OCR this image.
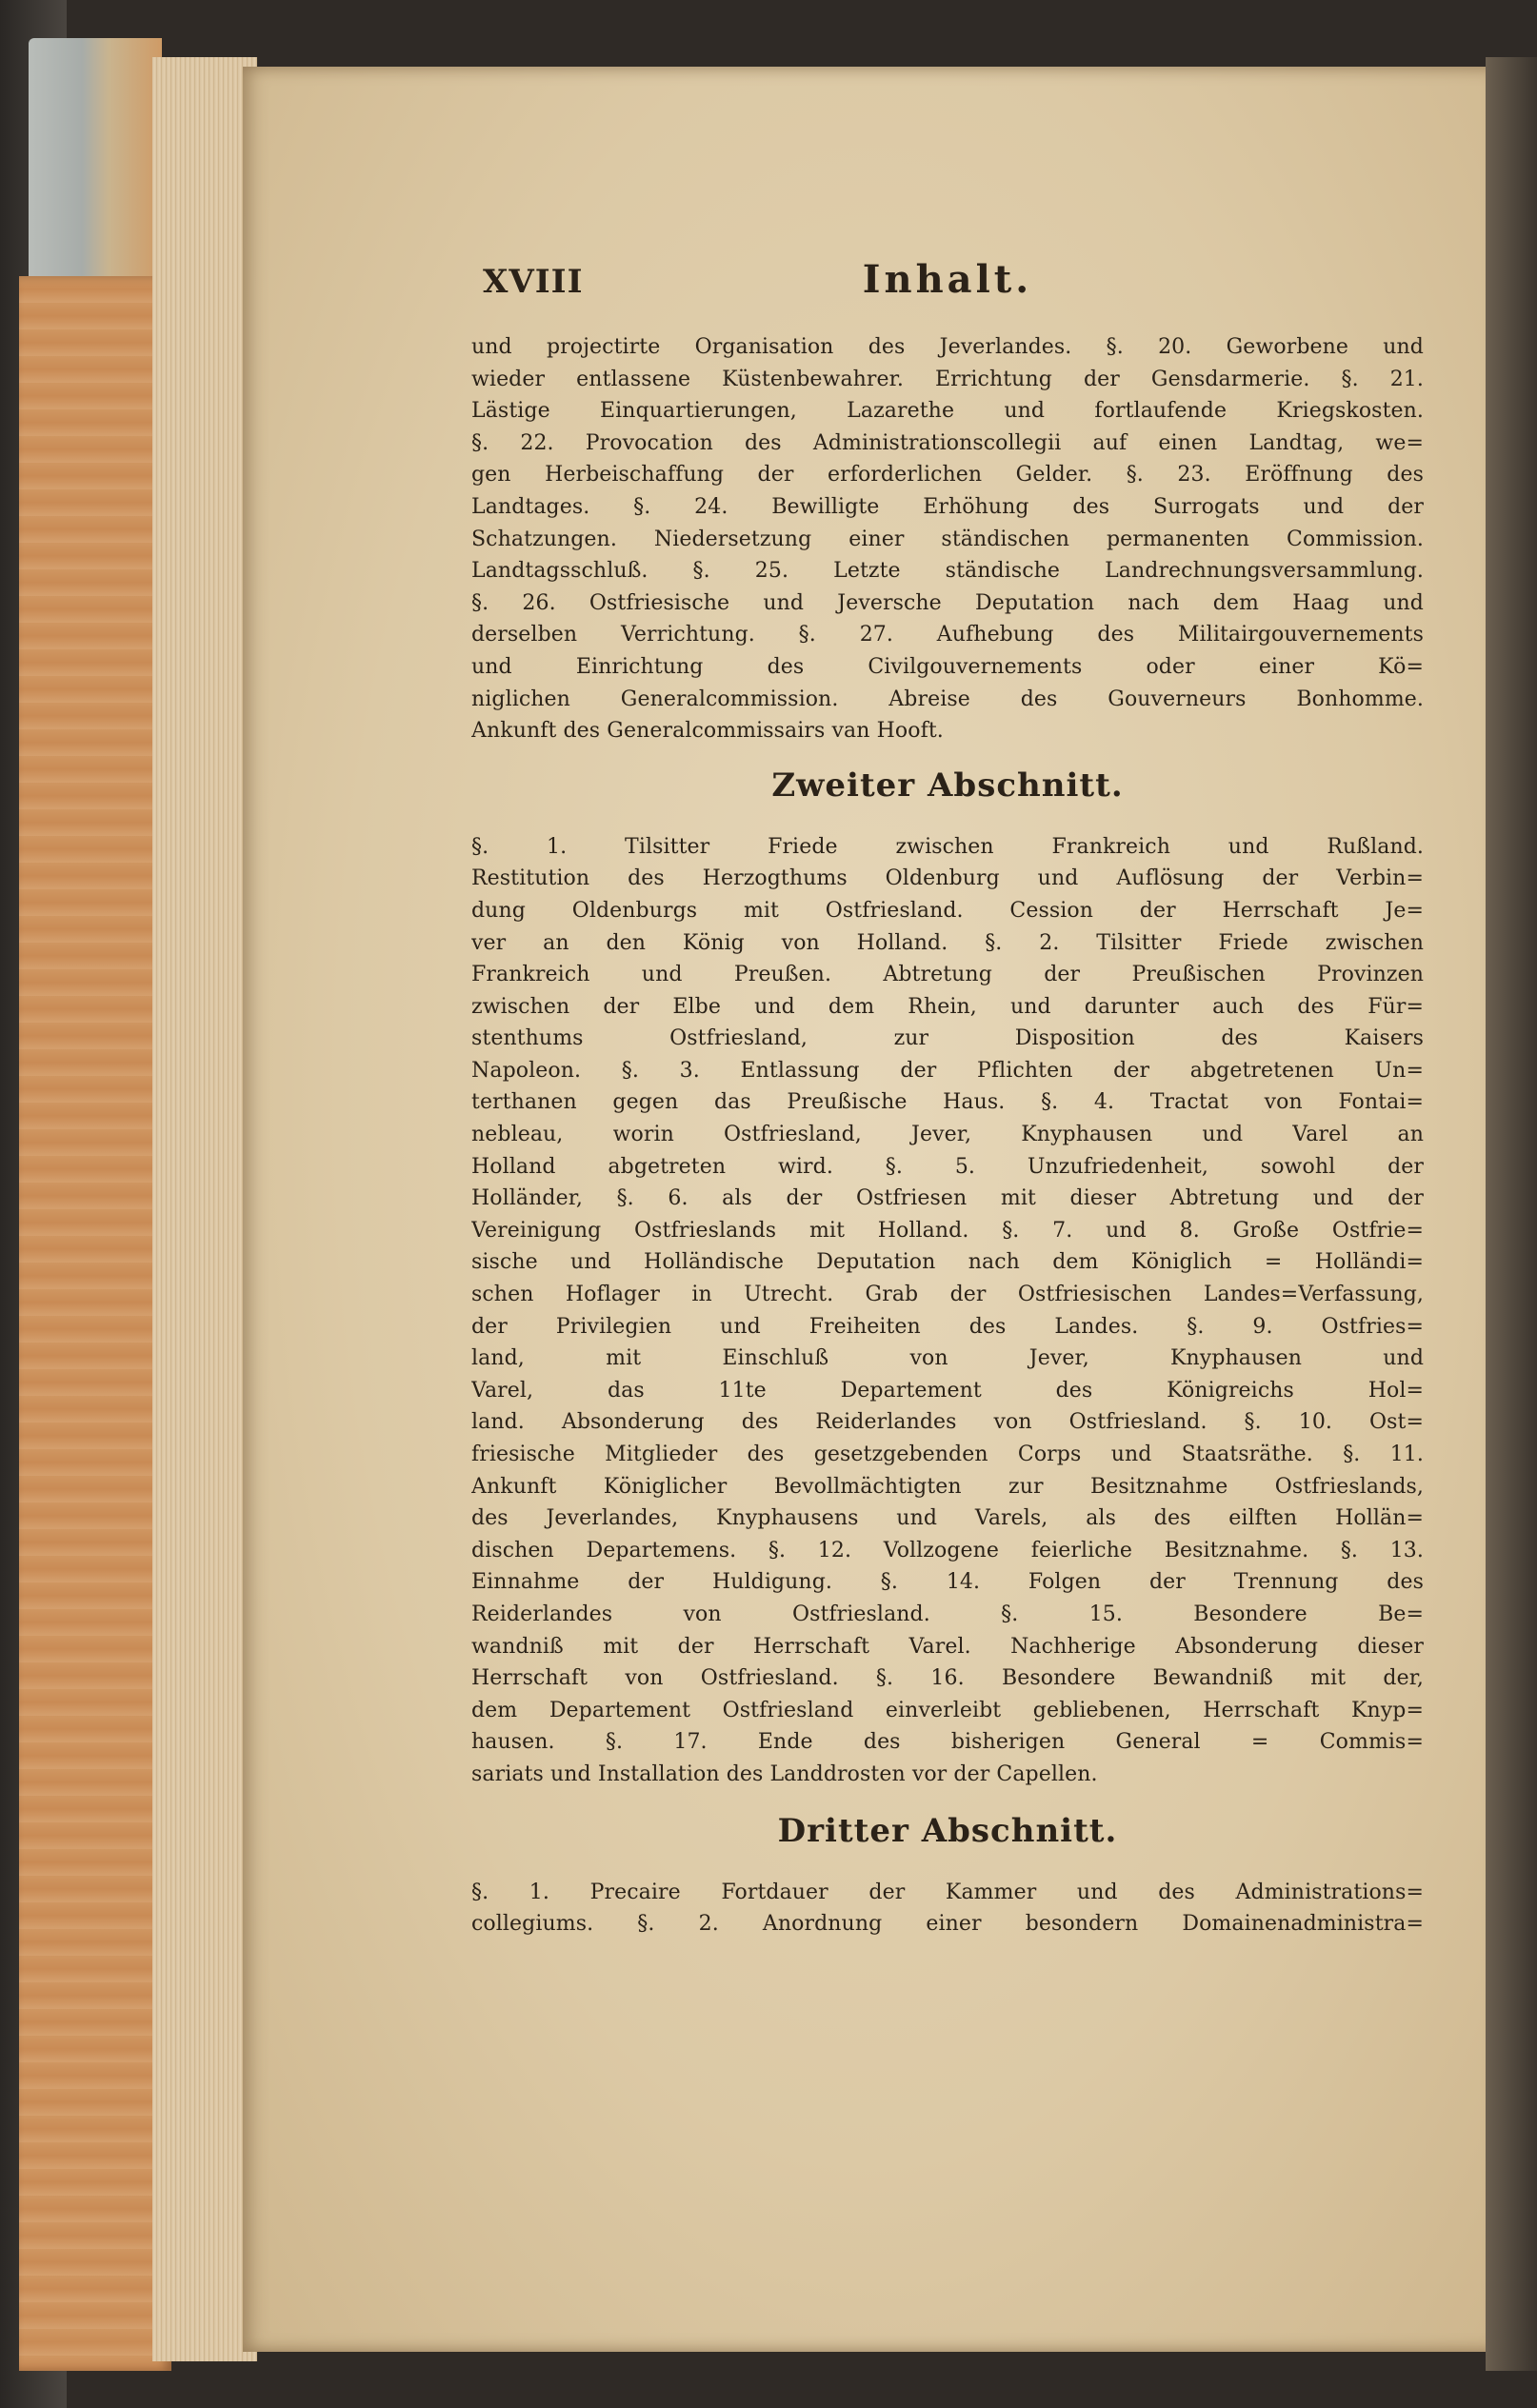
XVIII	Inhalt.
und projectirte Organisation des Jeverlandes. §. 20. Geworbene und
wieder entlassene Küstenbewahrer. Errichtung der Gensdarmerie. §. 21.
Lästige Einquartierungen, Lazarethe und fortlaufende Kriegskosten.
§. 22. Provocation des Administrationscollegii auf einen Landtag, we=
gen Herbeischaffung der erforderlichen Gelder. §. 23. Eröffnung des
Landtages. §. 24. Bewilligte Erhöhung des Surrogats und der
Schatzungen. Niedersetzung einer ständischen permanenten Commission.
Landtagsschluß. §. 25. Letzte ständische Landrechnungsversammlung.
§. 26. Ostfriesische und Jeversche Deputation nach dem Haag und
derselben Verrichtung. §. 27. Aufhebung des Militairgouvernements
und Einrichtung des Civilgouvernements oder einer Kö=
niglichen Generalcommission. Abreise des Gouverneurs Bonhomme.
Ankunft des Generalcommissairs van Hooft.
Zweiter Abschnitt.
§. 1. Tilsitter Friede zwischen Frankreich und Rußland.
Restitution des Herzogthums Oldenburg und Auflösung der Verbin=
dung Oldenburgs mit Ostfriesland. Cession der Herrschaft Je=
ver an den König von Holland. §. 2. Tilsitter Friede zwischen
Frankreich und Preußen. Abtretung der Preußischen Provinzen
zwischen der Elbe und dem Rhein, und darunter auch des Für=
stenthums Ostfriesland, zur Disposition des Kaisers
Napoleon. §. 3. Entlassung der Pflichten der abgetretenen Un=
terthanen gegen das Preußische Haus. §. 4. Tractat von Fontai=
nebleau, worin Ostfriesland, Jever, Knyphausen und Varel an
Holland abgetreten wird. §. 5. Unzufriedenheit, sowohl der
Holländer, §. 6. als der Ostfriesen mit dieser Abtretung und der
Vereinigung Ostfrieslands mit Holland. §. 7. und 8. Große Ostfrie=
sische und Holländische Deputation nach dem Königlich = Holländi=
schen Hoflager in Utrecht. Grab der Ostfriesischen Landes=Verfassung,
der Privilegien und Freiheiten des Landes. §. 9. Ostfries=
land, mit Einschluß von Jever, Knyphausen und
Varel, das 11te Departement des Königreichs Hol=
land. Absonderung des Reiderlandes von Ostfriesland. §. 10. Ost=
friesische Mitglieder des gesetzgebenden Corps und Staatsräthe. §. 11.
Ankunft Königlicher Bevollmächtigten zur Besitznahme Ostfrieslands,
des Jeverlandes, Knyphausens und Varels, als des eilften Hollän=
dischen Departemens. §. 12. Vollzogene feierliche Besitznahme. §. 13.
Einnahme der Huldigung. §. 14. Folgen der Trennung des
Reiderlandes von Ostfriesland. §. 15. Besondere Be=
wandniß mit der Herrschaft Varel. Nachherige Absonderung dieser
Herrschaft von Ostfriesland. §. 16. Besondere Bewandniß mit der,
dem Departement Ostfriesland einverleibt gebliebenen, Herrschaft Knyp=
hausen. §. 17. Ende des bisherigen General = Commis=
sariats und Installation des Landdrosten vor der Capellen.
Dritter Abschnitt.
§. 1. Precaire Fortdauer der Kammer und des Administrations=
collegiums. §. 2. Anordnung einer besondern Domainenadministra=
